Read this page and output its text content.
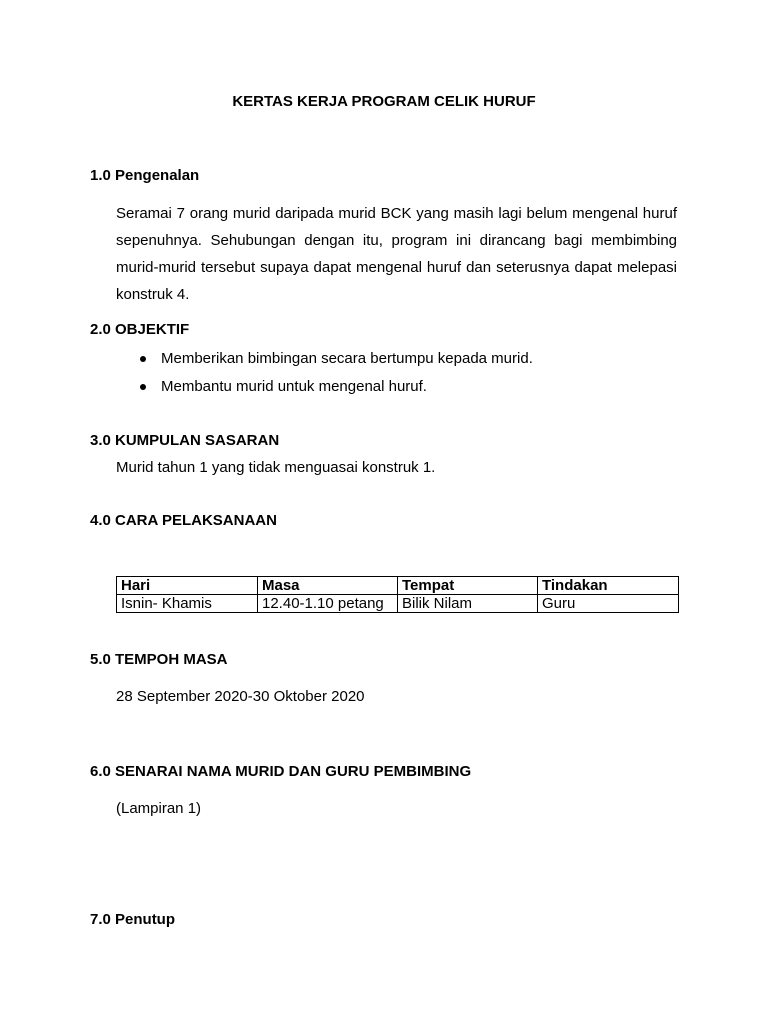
KERTAS KERJA PROGRAM CELIK HURUF
1.0 Pengenalan
Seramai 7 orang murid daripada murid BCK yang masih lagi belum mengenal huruf
sepenuhnya. Sehubungan dengan itu, program ini dirancang bagi membimbing
murid-murid tersebut supaya dapat mengenal huruf dan seterusnya dapat melepasi
konstruk 4.
2.0 OBJEKTIF
Memberikan bimbingan secara bertumpu kepada murid.
Membantu murid untuk mengenal huruf.
3.0 KUMPULAN SASARAN
Murid tahun 1 yang tidak menguasai konstruk 1.
4.0 CARA PELAKSANAAN
Hari	Masa	Tempat	Tindakan
Isnin- Khamis	12.40-1.10 petang	Bilik Nilam	Guru
5.0 TEMPOH MASA
28 September 2020-30 Oktober 2020
6.0 SENARAI NAMA MURID DAN GURU PEMBIMBING
(Lampiran 1)
7.0 Penutup
